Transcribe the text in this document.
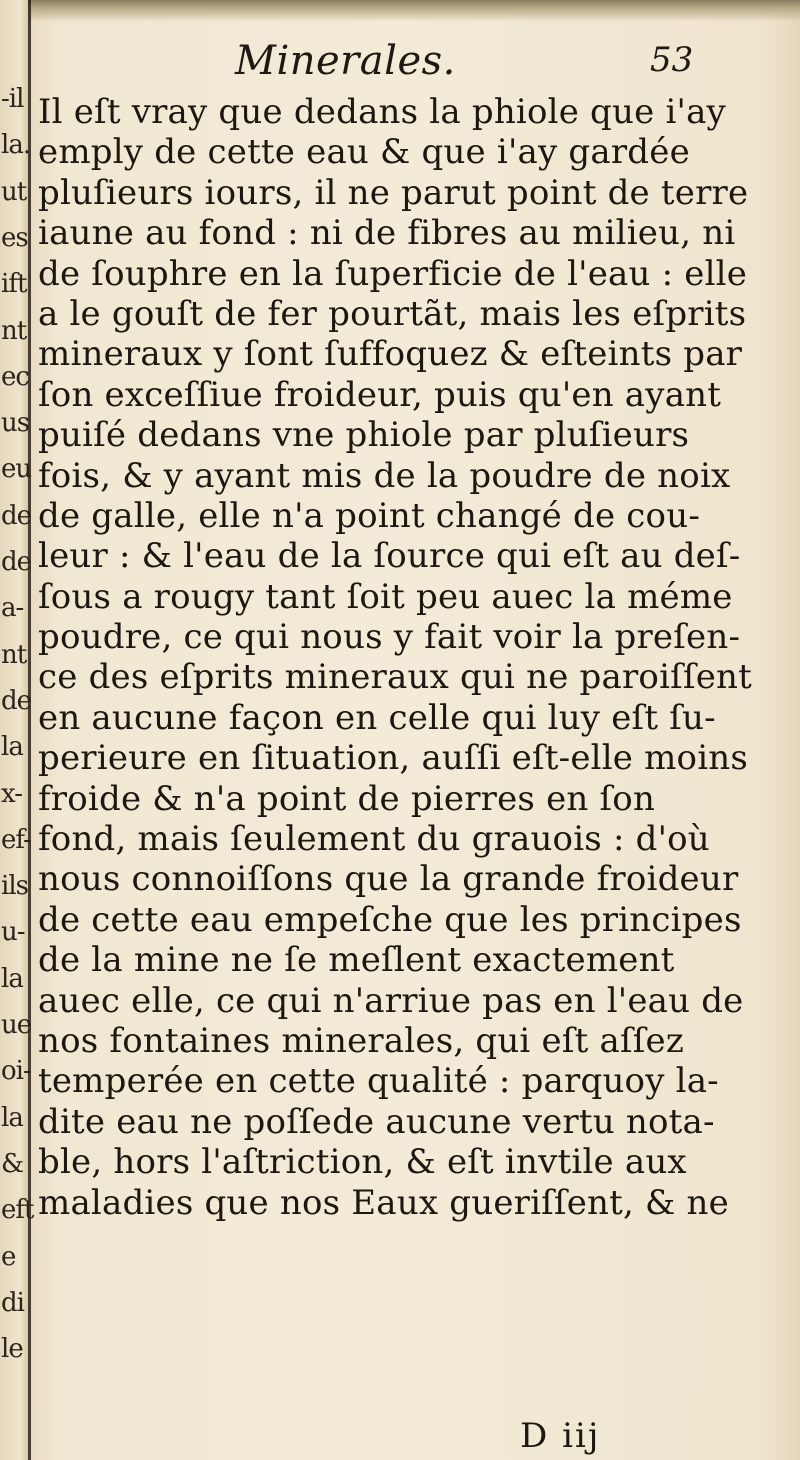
-il
la.
ut
es
ift
nt
ec
us
eu
de
de
a-
nt
de
la
x-
ef-
ils
u-
la
ue
oi-
la
&
eft
e
di
le
Minerales.	53
Il eſt vray que dedans la phiole que i'ay
emply de cette eau & que i'ay gardée
pluſieurs iours, il ne parut point de terre
iaune au fond : ni de fibres au milieu, ni
de ſouphre en la ſuperficie de l'eau : elle
a le gouſt de fer pourtãt, mais les eſprits
mineraux y ſont ſuffoquez & eſteints par
ſon exceſſiue froideur, puis qu'en ayant
puiſé dedans vne phiole par pluſieurs
fois, & y ayant mis de la poudre de noix
de galle, elle n'a point changé de cou-
leur : & l'eau de la ſource qui eſt au deſ-
ſous a rougy tant ſoit peu auec la méme
poudre, ce qui nous y fait voir la preſen-
ce des eſprits mineraux qui ne paroiſſent
en aucune façon en celle qui luy eſt ſu-
perieure en ſituation, auſſi eſt-elle moins
froide & n'a point de pierres en ſon
fond, mais ſeulement du grauois : d'où
nous connoiſſons que la grande froideur
de cette eau empeſche que les principes
de la mine ne ſe meſlent exactement
auec elle, ce qui n'arriue pas en l'eau de
nos fontaines minerales, qui eſt aſſez
temperée en cette qualité : parquoy la-
dite eau ne poſſede aucune vertu nota-
ble, hors l'aſtriction, & eſt invtile aux
maladies que nos Eaux gueriſſent, & ne
D iij
